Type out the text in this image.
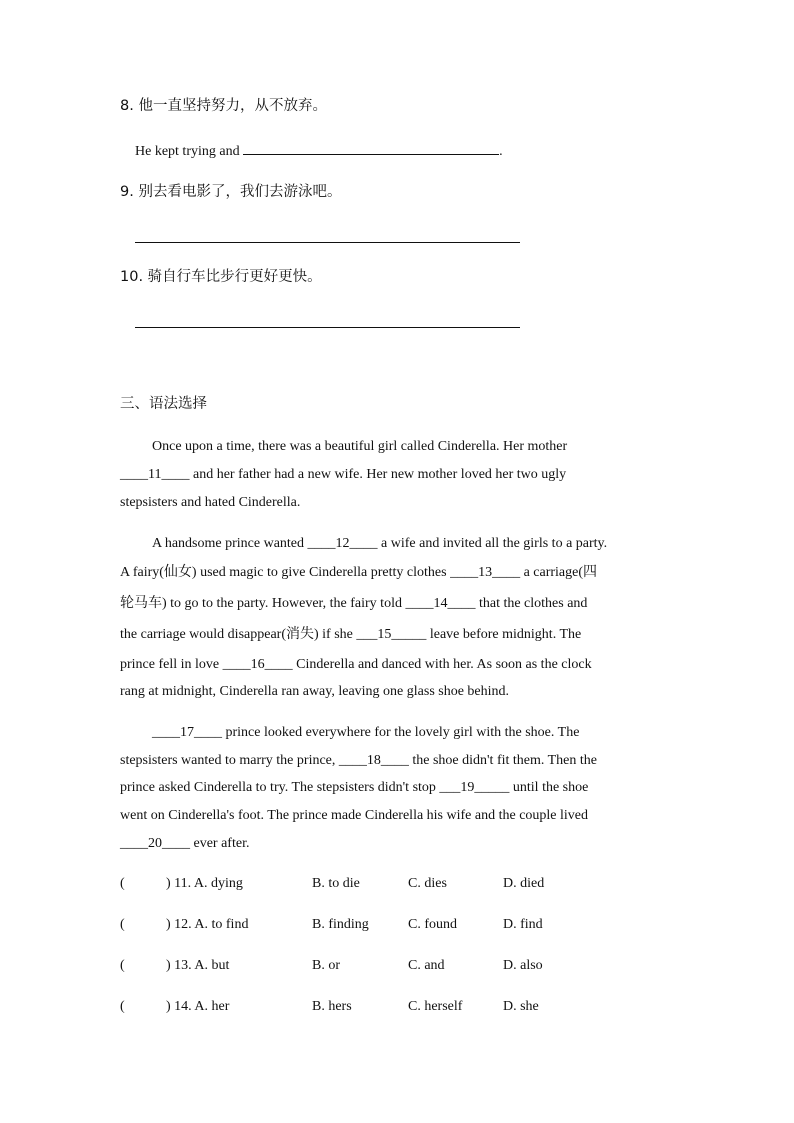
8. 他一直坚持努力，从不放弃。
He kept trying and	.
9. 别去看电影了，我们去游泳吧。
10. 骑自行车比步行更好更快。
三、语法选择
Once upon a time, there was a beautiful girl called Cinderella. Her mother
____11____ and her father had a new wife. Her new mother loved her two ugly
stepsisters and hated Cinderella.
A handsome prince wanted ____12____ a wife and invited all the girls to a party.
A fairy(仙女) used magic to give Cinderella pretty clothes ____13____ a carriage(四
轮马车) to go to the party. However, the fairy told ____14____ that the clothes and
the carriage would disappear(消失) if she ___15_____ leave before midnight. The
prince fell in love ____16____ Cinderella and danced with her. As soon as the clock
rang at midnight, Cinderella ran away, leaving one glass shoe behind.
____17____ prince looked everywhere for the lovely girl with the shoe. The
stepsisters wanted to marry the prince, ____18____ the shoe didn't fit them. Then the
prince asked Cinderella to try. The stepsisters didn't stop ___19_____ until the shoe
went on Cinderella's foot. The prince made Cinderella his wife and the couple lived
____20____ ever after.
(	) 11. A. dying	B. to die	C. dies	D. died
(	) 12. A. to find	B. finding	C. found	D. find
(	) 13. A. but	B. or	C. and	D. also
(	) 14. A. her	B. hers	C. herself	D. she
